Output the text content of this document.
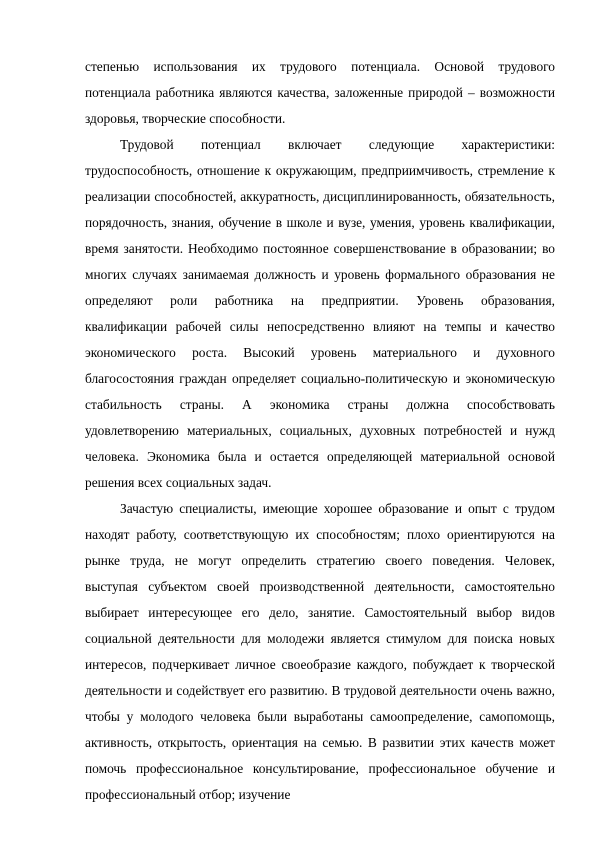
степенью использования их трудового потенциала. Основой трудового потенциала работника являются качества, заложенные природой – возможности здоровья, творческие способности.

Трудовой потенциал включает следующие характеристики: трудоспособность, отношение к окружающим, предприимчивость, стремление к реализации способностей, аккуратность, дисциплинированность, обязательность, порядочность, знания, обучение в школе и вузе, умения, уровень квалификации, время занятости. Необходимо постоянное совершенствование в образовании; во многих случаях занимаемая должность и уровень формального образования не определяют роли работника на предприятии. Уровень образования, квалификации рабочей силы непосредственно влияют на темпы и качество экономического роста. Высокий уровень материального и духовного благосостояния граждан определяет социально-политическую и экономическую стабильность страны. А экономика страны должна способствовать удовлетворению материальных, социальных, духовных потребностей и нужд человека. Экономика была и остается определяющей материальной основой решения всех социальных задач.

Зачастую специалисты, имеющие хорошее образование и опыт с трудом находят работу, соответствующую их способностям; плохо ориентируются на рынке труда, не могут определить стратегию своего поведения. Человек, выступая субъектом своей производственной деятельности, самостоятельно выбирает интересующее его дело, занятие. Самостоятельный выбор видов социальной деятельности для молодежи является стимулом для поиска новых интересов, подчеркивает личное своеобразие каждого, побуждает к творческой деятельности и содействует его развитию. В трудовой деятельности очень важно, чтобы у молодого человека были выработаны самоопределение, самопомощь, активность, открытость, ориентация на семью. В развитии этих качеств может помочь профессиональное консультирование, профессиональное обучение и профессиональный отбор; изучение
